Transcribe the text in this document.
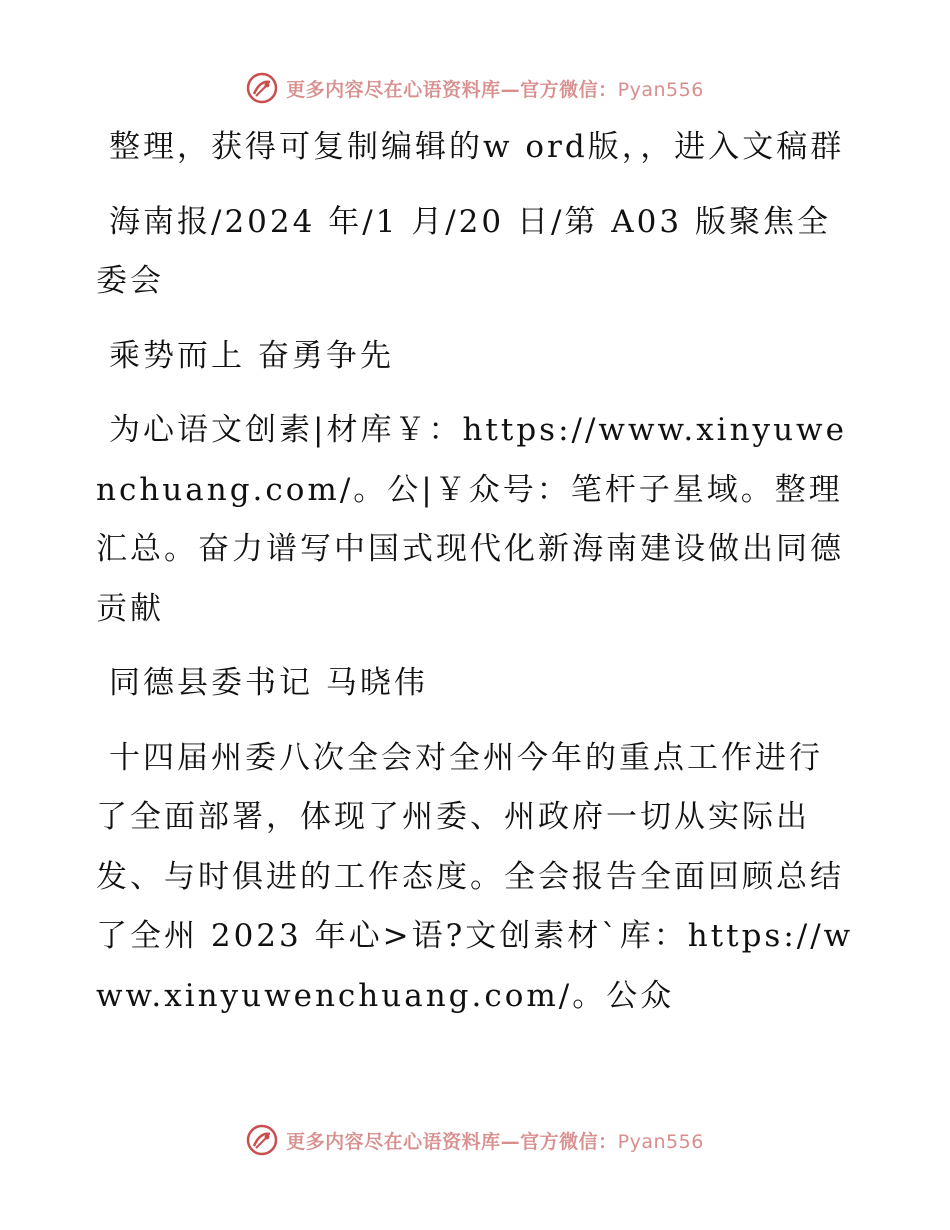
更多内容尽在心语资料库—官方微信：Pyan556

整理，获得可复制编辑的w ord版，，进入文稿群

海南报/2024 年/1 月/20 日/第 A03 版聚焦全委会

乘势而上 奋勇争先

为心语文创素|材库￥：https://www.xinyuwenchuang.com/。公|￥众号：笔杆子星域。整理汇总。奋力谱写中国式现代化新海南建设做出同德贡献

同德县委书记 马晓伟

十四届州委八次全会对全州今年的重点工作进行了全面部署，体现了州委、州政府一切从实际出发、与时俱进的工作态度。全会报告全面回顾总结了全州 2023 年心>语?文创素材`库：https://www.xinyuwenchuang.com/。公众

更多内容尽在心语资料库—官方微信：Pyan556
